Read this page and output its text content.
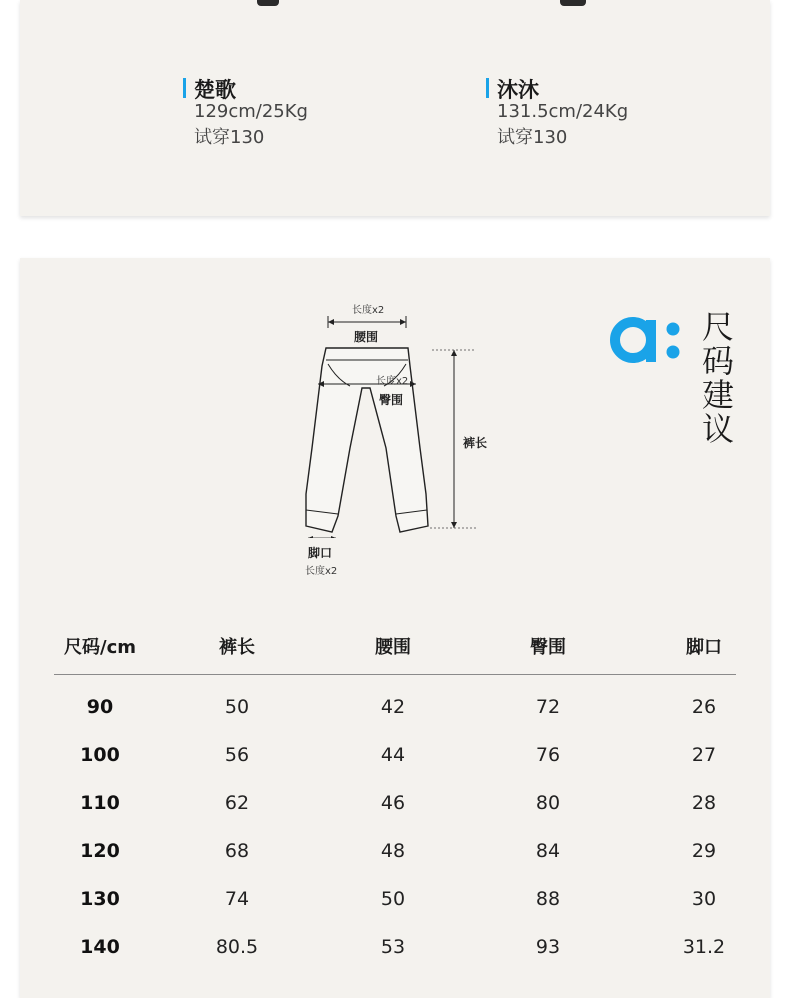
楚歌
129cm/25Kg
试穿130
沐沐
131.5cm/24Kg
试穿130
长度x2
腰围
长度x2
臀围
裤长
脚口
长度x2
尺
码
建
议
尺码/cm	裤长	腰围	臀围	脚口
90	50	42	72	26
100	56	44	76	27
110	62	46	80	28
120	68	48	84	29
130	74	50	88	30
140	80.5	53	93	31.2
